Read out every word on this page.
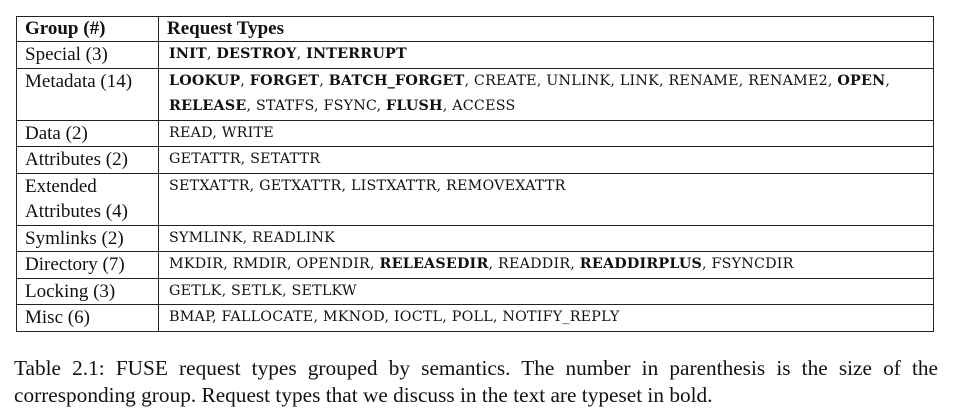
Group (#)	Request Types
Special (3)	INIT, DESTROY, INTERRUPT
Metadata (14)	LOOKUP, FORGET, BATCH_FORGET, CREATE, UNLINK, LINK, RENAME, RENAME2, OPEN, RELEASE, STATFS, FSYNC, FLUSH, ACCESS
Data (2)	READ, WRITE
Attributes (2)	GETATTR, SETATTR
Extended Attributes (4)	SETXATTR, GETXATTR, LISTXATTR, REMOVEXATTR
Symlinks (2)	SYMLINK, READLINK
Directory (7)	MKDIR, RMDIR, OPENDIR, RELEASEDIR, READDIR, READDIRPLUS, FSYNCDIR
Locking (3)	GETLK, SETLK, SETLKW
Misc (6)	BMAP, FALLOCATE, MKNOD, IOCTL, POLL, NOTIFY_REPLY
Table 2.1: FUSE request types grouped by semantics. The number in parenthesis is the size of the corresponding group. Request types that we discuss in the text are typeset in bold.
